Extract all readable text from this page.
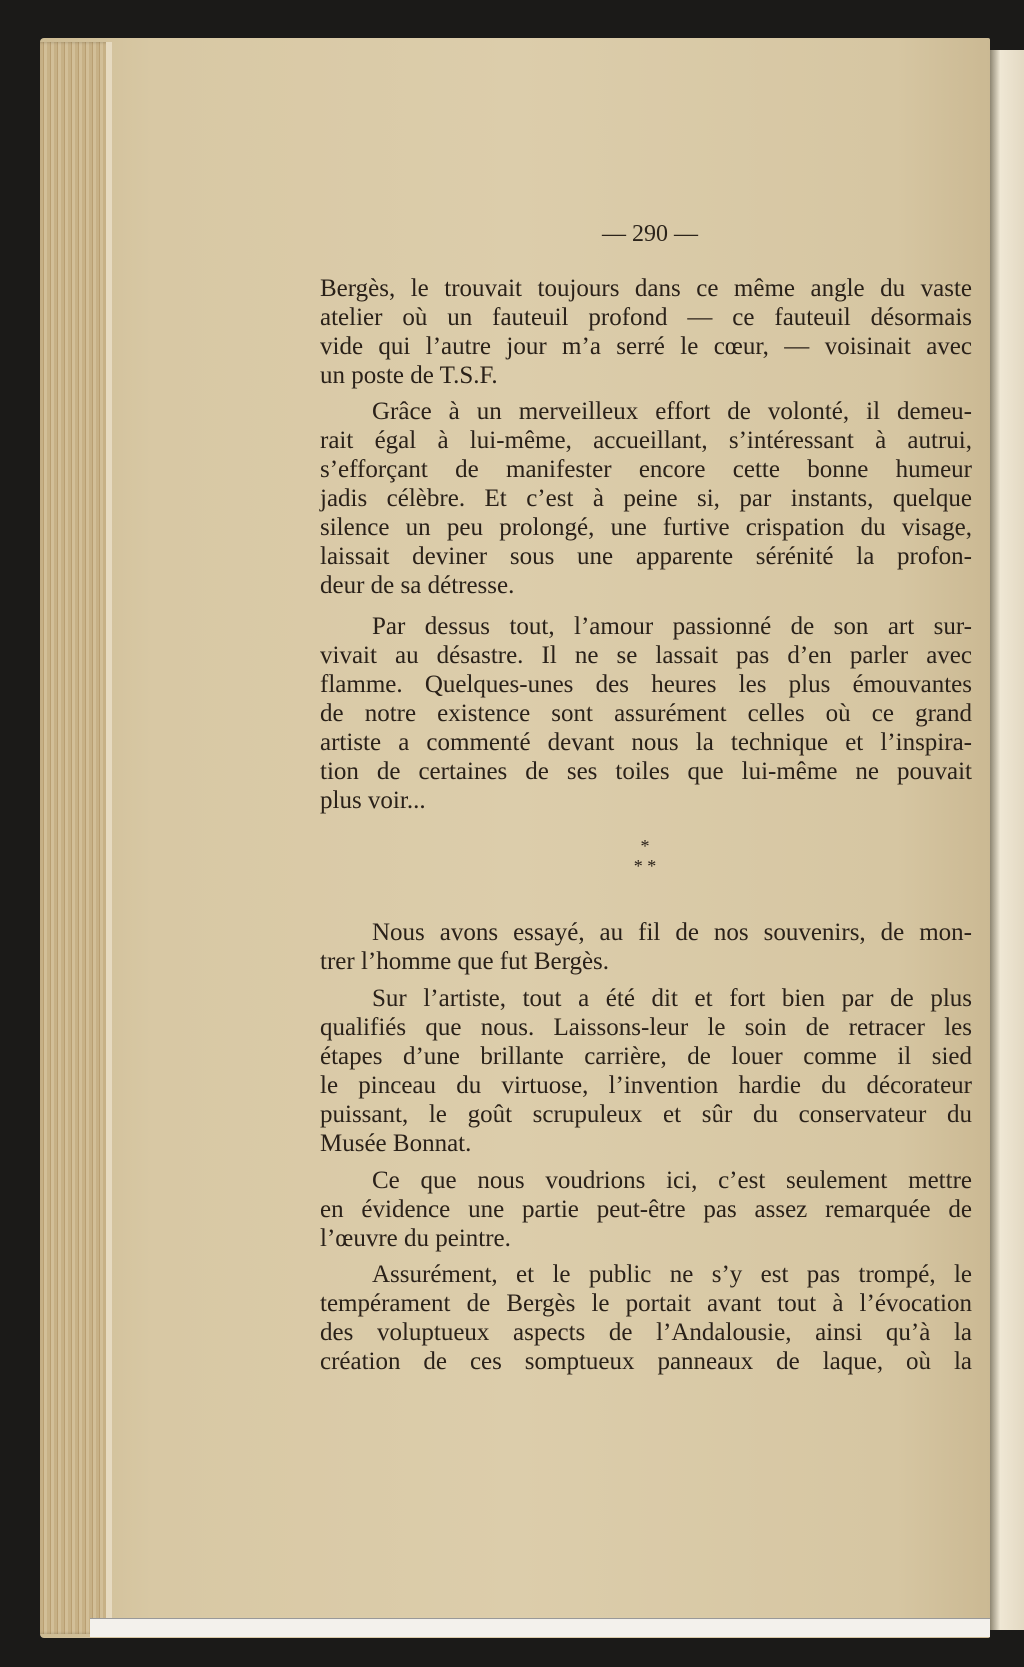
— 290 —
*
* *
Bergès, le trouvait toujours dans ce même angle du vaste
atelier où un fauteuil profond — ce fauteuil désormais
vide qui l’autre jour m’a serré le cœur, — voisinait avec
un poste de T.S.F.
Grâce à un merveilleux effort de volonté, il demeu-
rait égal à lui-même, accueillant, s’intéressant à autrui,
s’efforçant de manifester encore cette bonne humeur
jadis célèbre. Et c’est à peine si, par instants, quelque
silence un peu prolongé, une furtive crispation du visage,
laissait deviner sous une apparente sérénité la profon-
deur de sa détresse.
Par dessus tout, l’amour passionné de son art sur-
vivait au désastre. Il ne se lassait pas d’en parler avec
flamme. Quelques-unes des heures les plus émouvantes
de notre existence sont assurément celles où ce grand
artiste a commenté devant nous la technique et l’inspira-
tion de certaines de ses toiles que lui-même ne pouvait
plus voir...
Nous avons essayé, au fil de nos souvenirs, de mon-
trer l’homme que fut Bergès.
Sur l’artiste, tout a été dit et fort bien par de plus
qualifiés que nous. Laissons-leur le soin de retracer les
étapes d’une brillante carrière, de louer comme il sied
le pinceau du virtuose, l’invention hardie du décorateur
puissant, le goût scrupuleux et sûr du conservateur du
Musée Bonnat.
Ce que nous voudrions ici, c’est seulement mettre
en évidence une partie peut-être pas assez remarquée de
l’œuvre du peintre.
Assurément, et le public ne s’y est pas trompé, le
tempérament de Bergès le portait avant tout à l’évocation
des voluptueux aspects de l’Andalousie, ainsi qu’à la
création de ces somptueux panneaux de laque, où la
